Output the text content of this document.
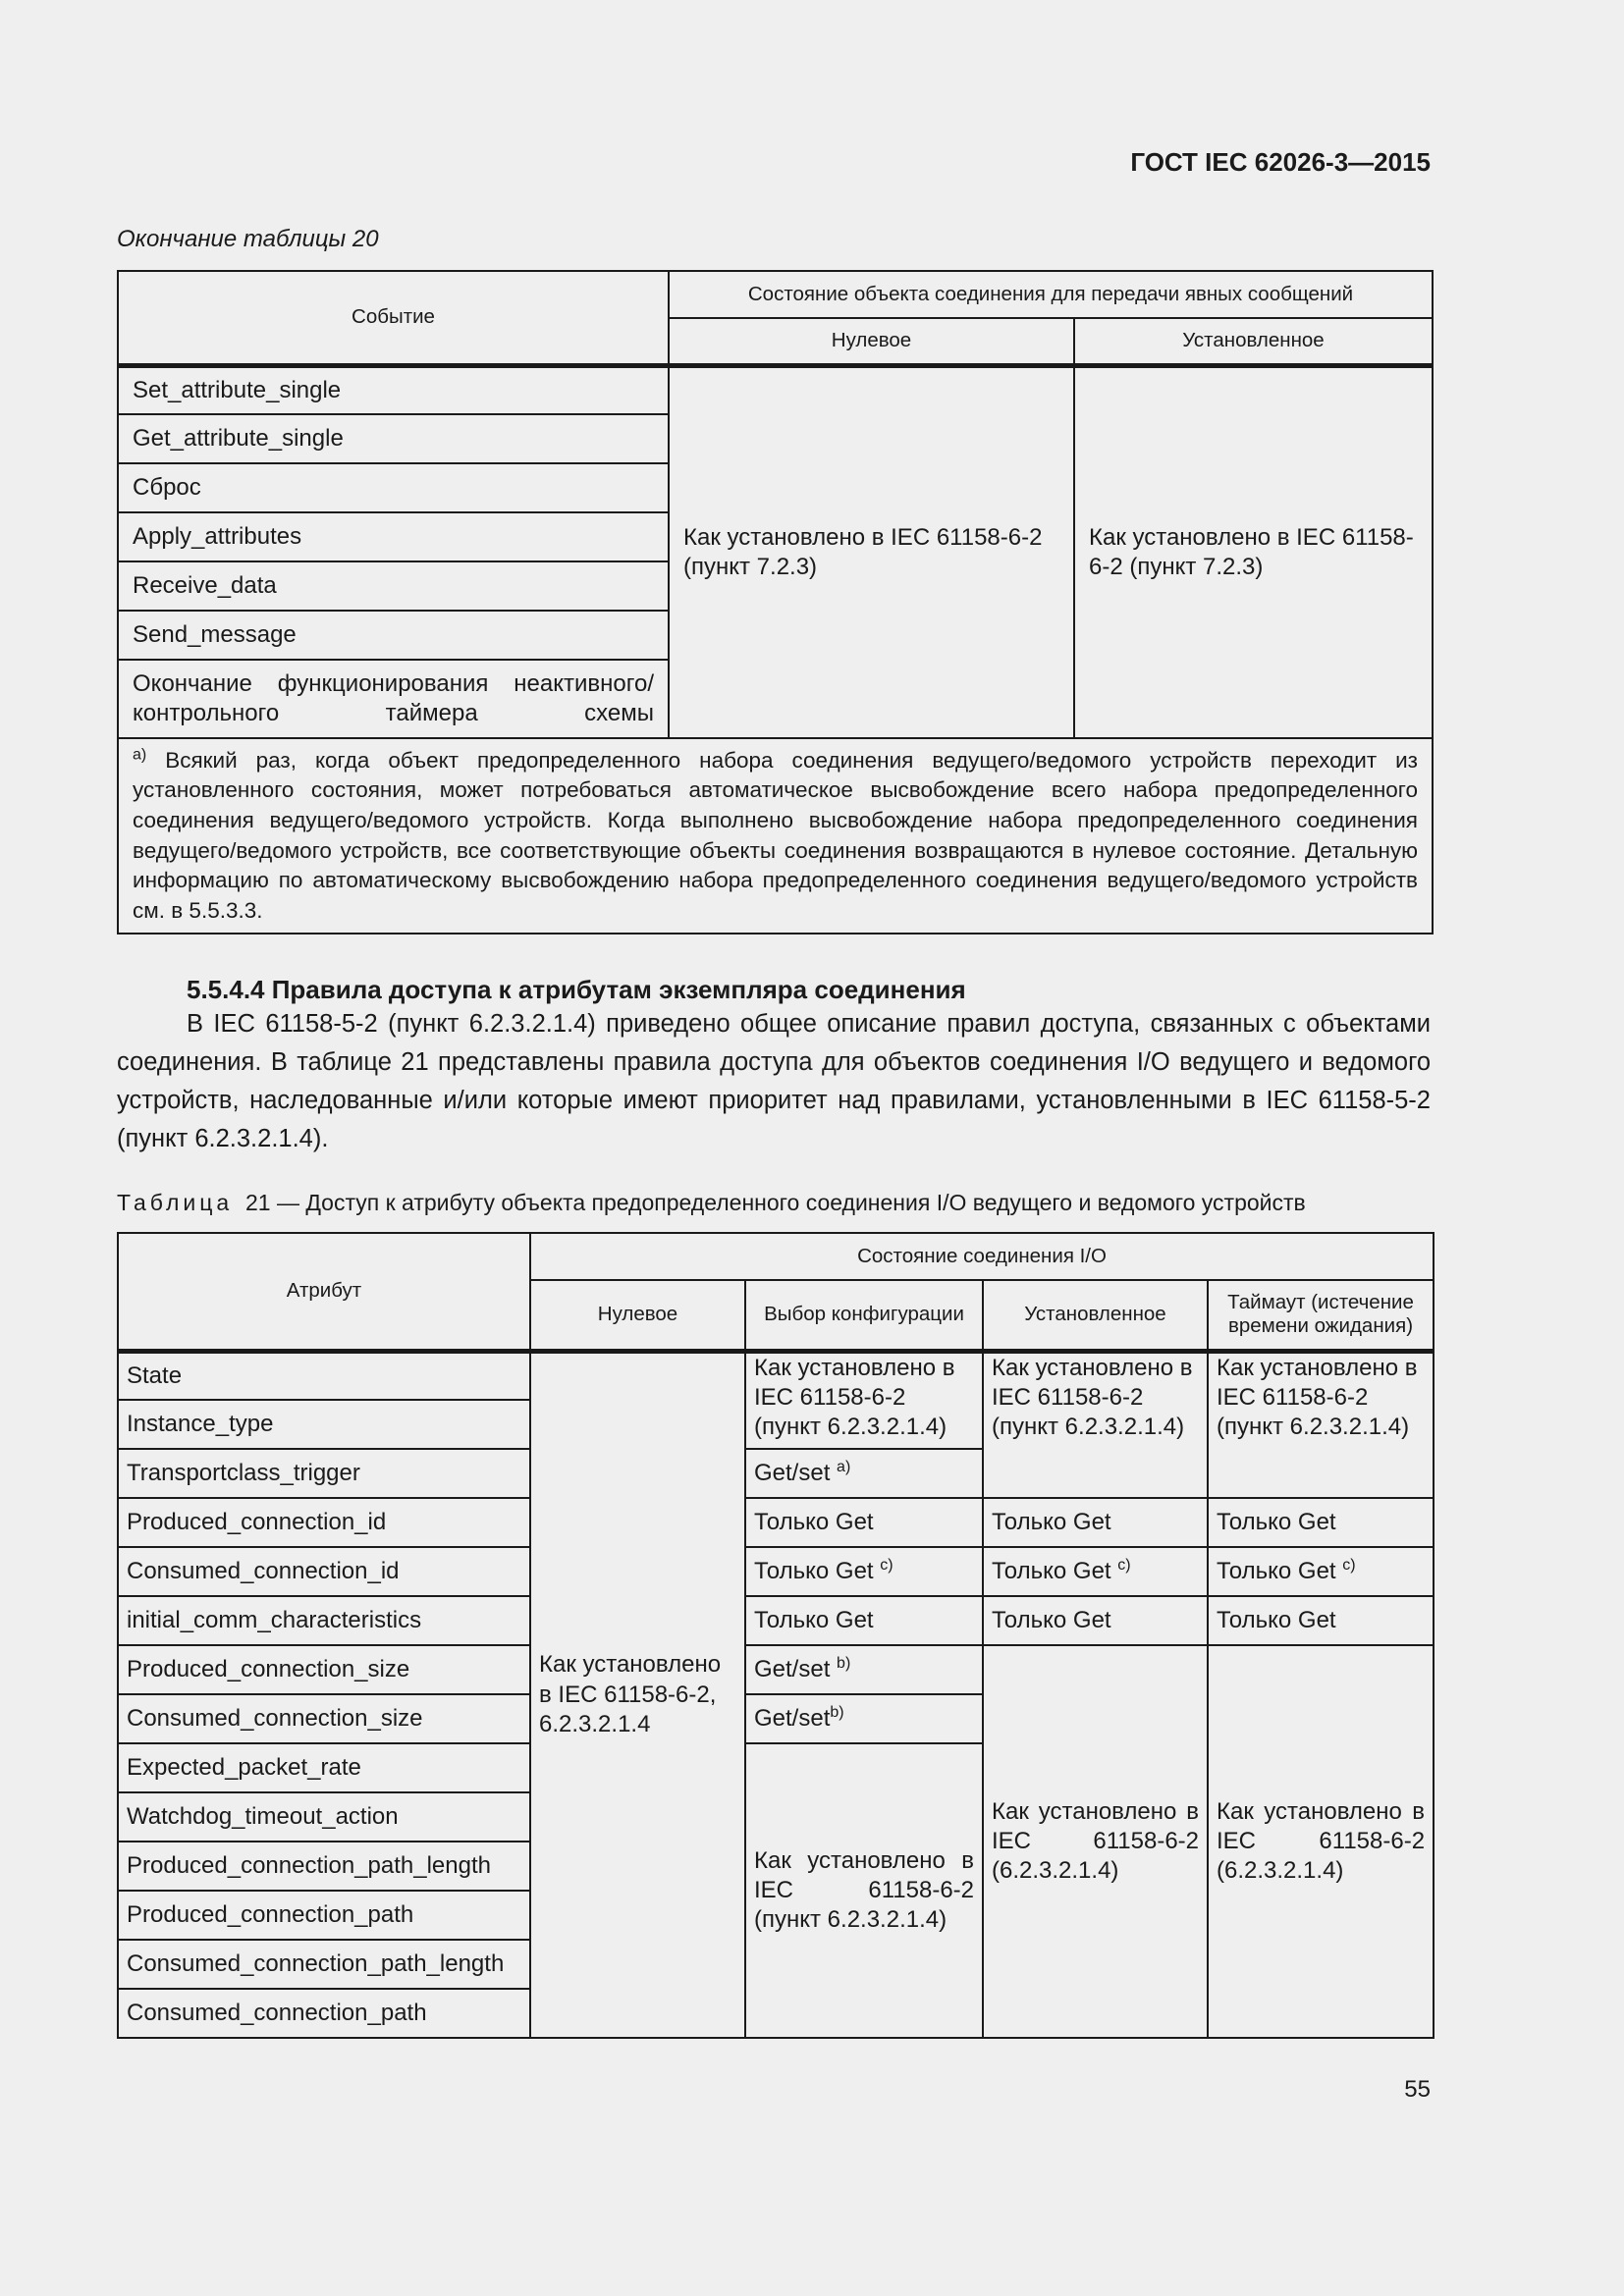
ГОСТ IEC 62026-3—2015
Окончание таблицы 20
Событие	Состояние объекта соединения для передачи явных сообщений	
	Нулевое	Установленное
Set_attribute_single	Как установлено в IEC 61158-6-2 (пункт 7.2.3)	Как установлено в IEC 61158-6-2 (пункт 7.2.3)
Get_attribute_single		
Сброс		
Apply_attributes		
Receive_data		
Send_message		
Окончание функционирования неактивного/ контрольного таймера схемы		
$^{a)}$ Всякий раз, когда объект предопределенного набора соединения ведущего/ведомого устройств переходит из установленного состояния, может потребоваться автоматическое высвобождение всего набора предопределенного соединения ведущего/ведомого устройств. Когда выполнено высвобождение набора предопределенного соединения ведущего/ведомого устройств, все соответствующие объекты соединения возвращаются в нулевое состояние. Детальную информацию по автоматическому высвобождению набора предопределенного соединения ведущего/ведомого устройств см. в 5.5.3.3.		
5.5.4.4 Правила доступа к атрибутам экземпляра соединения
В IEC 61158-5-2 (пункт 6.2.3.2.1.4) приведено общее описание правил доступа, связанных с объектами соединения. В таблице 21 представлены правила доступа для объектов соединения I/O ведущего и ведомого устройств, наследованные и/или которые имеют приоритет над правилами, установленными в IEC 61158-5-2 (пункт 6.2.3.2.1.4).
Таблица 21 — Доступ к атрибуту объекта предопределенного соединения I/O ведущего и ведомого устройств
Атрибут	Состояние соединения I/O			
	Нулевое	Выбор конфигурации	Установленное	Таймаут (истечение времени ожидания)
State	Как установлено в IEC 61158-6-2, 6.2.3.2.1.4	Как установлено в IEC 61158-6-2 (пункт 6.2.3.2.1.4)	Как установлено в IEC 61158-6-2 (пункт 6.2.3.2.1.4)	Как установлено в IEC 61158-6-2 (пункт 6.2.3.2.1.4)
Instance_type				
Transportclass_trigger		Get/set $^{a)}$
Produced_connection_id		Только Get	Только Get	Только Get
Consumed_connection_id		Только Get $^{c)}$	Только Get $^{c)}$	Только Get $^{c)}$
initial_comm_characteristics		Только Get	Только Get	Только Get
Produced_connection_size		Get/set $^{b)}$	Как установлено в IEC 61158-6-2 (6.2.3.2.1.4)	Как установлено в IEC 61158-6-2 (6.2.3.2.1.4)
Consumed_connection_size		Get/set$^{b)}$
Expected_packet_rate		Как установлено в IEC 61158-6-2 (пункт 6.2.3.2.1.4)		
Watchdog_timeout_action				
Produced_connection_path_length				
Produced_connection_path				
Consumed_connection_path_length				
Consumed_connection_path				
55
